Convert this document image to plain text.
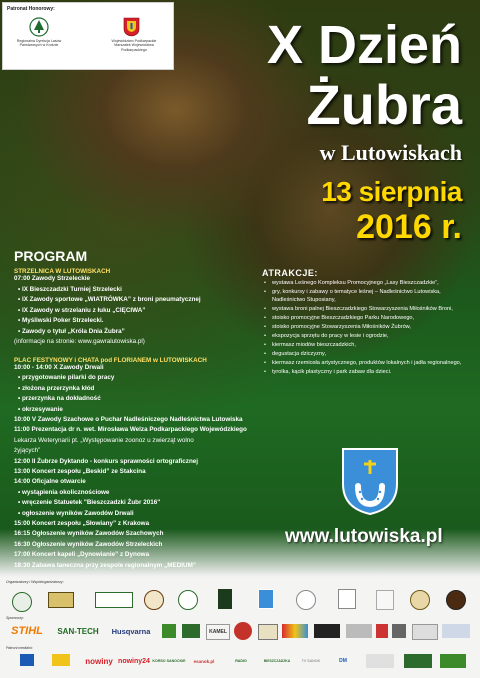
Patronat Honorowy:
Regionalna Dyrekcja Lasów Państwowych w Krośnie
Województwo Podkarpackie Marszałek Województwa Podkarpackiego	X Dzień
Żubra
w Lutowiskach
13 sierpnia
2016 r.
PROGRAM
STRZELNICA W LUTOWISKACH
07:00 Zawody Strzeleckie
• IX Bieszczadzki Turniej Strzelecki
• IX Zawody sportowe „WIATRÓWKA” z broni pneumatycznej
• IX Zawody w strzelaniu z łuku „CIĘCIWA”
• Myśliwski Poker Strzelecki.
• Zawody o tytuł „Króla Dnia Żubra”
(informacje na stronie: www.gawralutowiska.pl)
PLAC FESTYNOWY i CHATA pod FLORIANEM w LUTOWISKACH
10:00 - 14:00 X Zawody Drwali
• przygotowanie pilarki do pracy
• złożona przerzynka kłód
• przerzynka na dokładność
• okrzesywanie
10:00 V Zawody Szachowe o Puchar Nadleśniczego Nadleśnictwa Lutowiska
11:00 Prezentacja dr n. wet. Mirosława Welza Podkarpackiego Wojewódzkiego
Lekarza Weterynarii pt. „Występowanie zoonoz u zwierząt wolno
żyjących”
12:00 II Żubrze Dyktando - konkurs sprawności ortograficznej
13:00 Koncert zespołu „Beskid” ze Stakcina
14:00 Oficjalne otwarcie
• wystąpienia okolicznościowe
• wręczenie Statuetek "Bieszczadzki Żubr 2016"
• ogłoszenie wyników Zawodów Drwali
15:00 Koncert zespołu „Słowiany” z Krakowa
16:15 Ogłoszenie wyników Zawodów Szachowych
16:30 Ogłoszenie wyników Zawodów Strzeleckich
17:00 Koncert kapeli „Dynowianie” z Dynowa
18:30 Zabawa taneczna przy zespole regionalnym „MEDIUM”
ATRAKCJE:
• wystawa Leśnego Kompleksu Promocyjnego „Lasy Bieszczadzkie”,
• gry, konkursy i zabawy o tematyce leśnej – Nadleśnictwo Lutowiska, Nadleśnictwo Stuposiany,
• wystawa broni palnej Bieszczadzkiego Stowarzyszenia Miłośników Broni,
• stoisko promocyjne Bieszczadzkiego Parku Narodowego,
• stoisko promocyjne Stowarzyszenia Miłośników Żubrów,
• ekspozycja sprzętu do pracy w lesie i ogrodzie,
• kiermasz miodów bieszczadzkich,
• degustacja dziczyzny,
• kiermasz rzemiosła artystycznego, produktów lokalnych i jadła regionalnego,
• tyrolka, kącik plastyczny i park zabaw dla dzieci.
www.lutowiska.pl
Organizatorzy i Współorganizatorzy:
Sponsorzy:
Patroni medialni:
STIHL	SAN-TECH	Husqvarna	KAMEL
nowiny nowiny24 KORSO SANOCKIE	esanok.pl	RADIO	BIESZCZADZKA	TV SANOK	DM
